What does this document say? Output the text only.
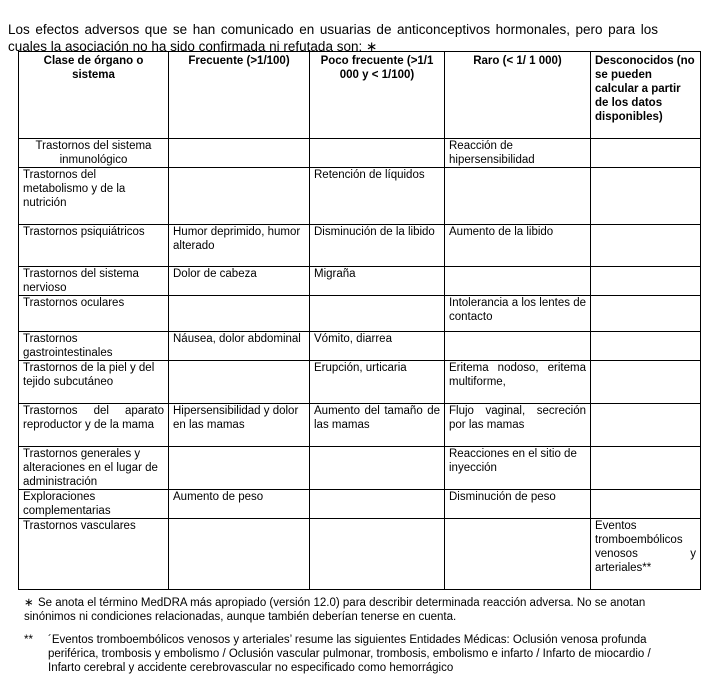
Los efectos adversos que se han comunicado en usuarias de anticonceptivos hormonales, pero para los cuales la asociación no ha sido confirmada ni refutada son: ∗

Clase de órgano o sistema	Frecuente (>1/100)	Poco frecuente (>1/1 000 y < 1/100)	Raro (< 1/ 1 000)	Desconocidos (no se pueden calcular a partir de los datos disponibles)
Trastornos del sistema inmunológico			Reacción de hipersensibilidad	
Trastornos del metabolismo y de la nutrición		Retención de líquidos		
Trastornos psiquiátricos	Humor deprimido, humor alterado	Disminución de la libido	Aumento de la libido	
Trastornos del sistema nervioso	Dolor de cabeza	Migraña		
Trastornos oculares			Intolerancia a los lentes de contacto	
Trastornos gastrointestinales	Náusea, dolor abdominal	Vómito, diarrea		
Trastornos de la piel y del tejido subcutáneo		Erupción, urticaria	Eritema nodoso, eritema multiforme,	
Trastornos del aparato reproductor y de la mama	Hipersensibilidad y dolor en las mamas	Aumento del tamaño de las mamas	Flujo vaginal, secreción por las mamas	
Trastornos generales y alteraciones en el lugar de administración			Reacciones en el sitio de inyección	
Exploraciones complementarias	Aumento de peso		Disminución de peso	
Trastornos vasculares				Eventos tromboembólicos venosos y arteriales**

∗ Se anota el término MedDRA más apropiado (versión 12.0) para describir determinada reacción adversa. No se anotan sinónimos ni condiciones relacionadas, aunque también deberían tenerse en cuenta.

** ´Eventos tromboembólicos venosos y arteriales’ resume las siguientes Entidades Médicas: Oclusión venosa profunda periférica, trombosis y embolismo / Oclusión vascular pulmonar, trombosis, embolismo e infarto / Infarto de miocardio / Infarto cerebral y accidente cerebrovascular no especificado como hemorrágico
